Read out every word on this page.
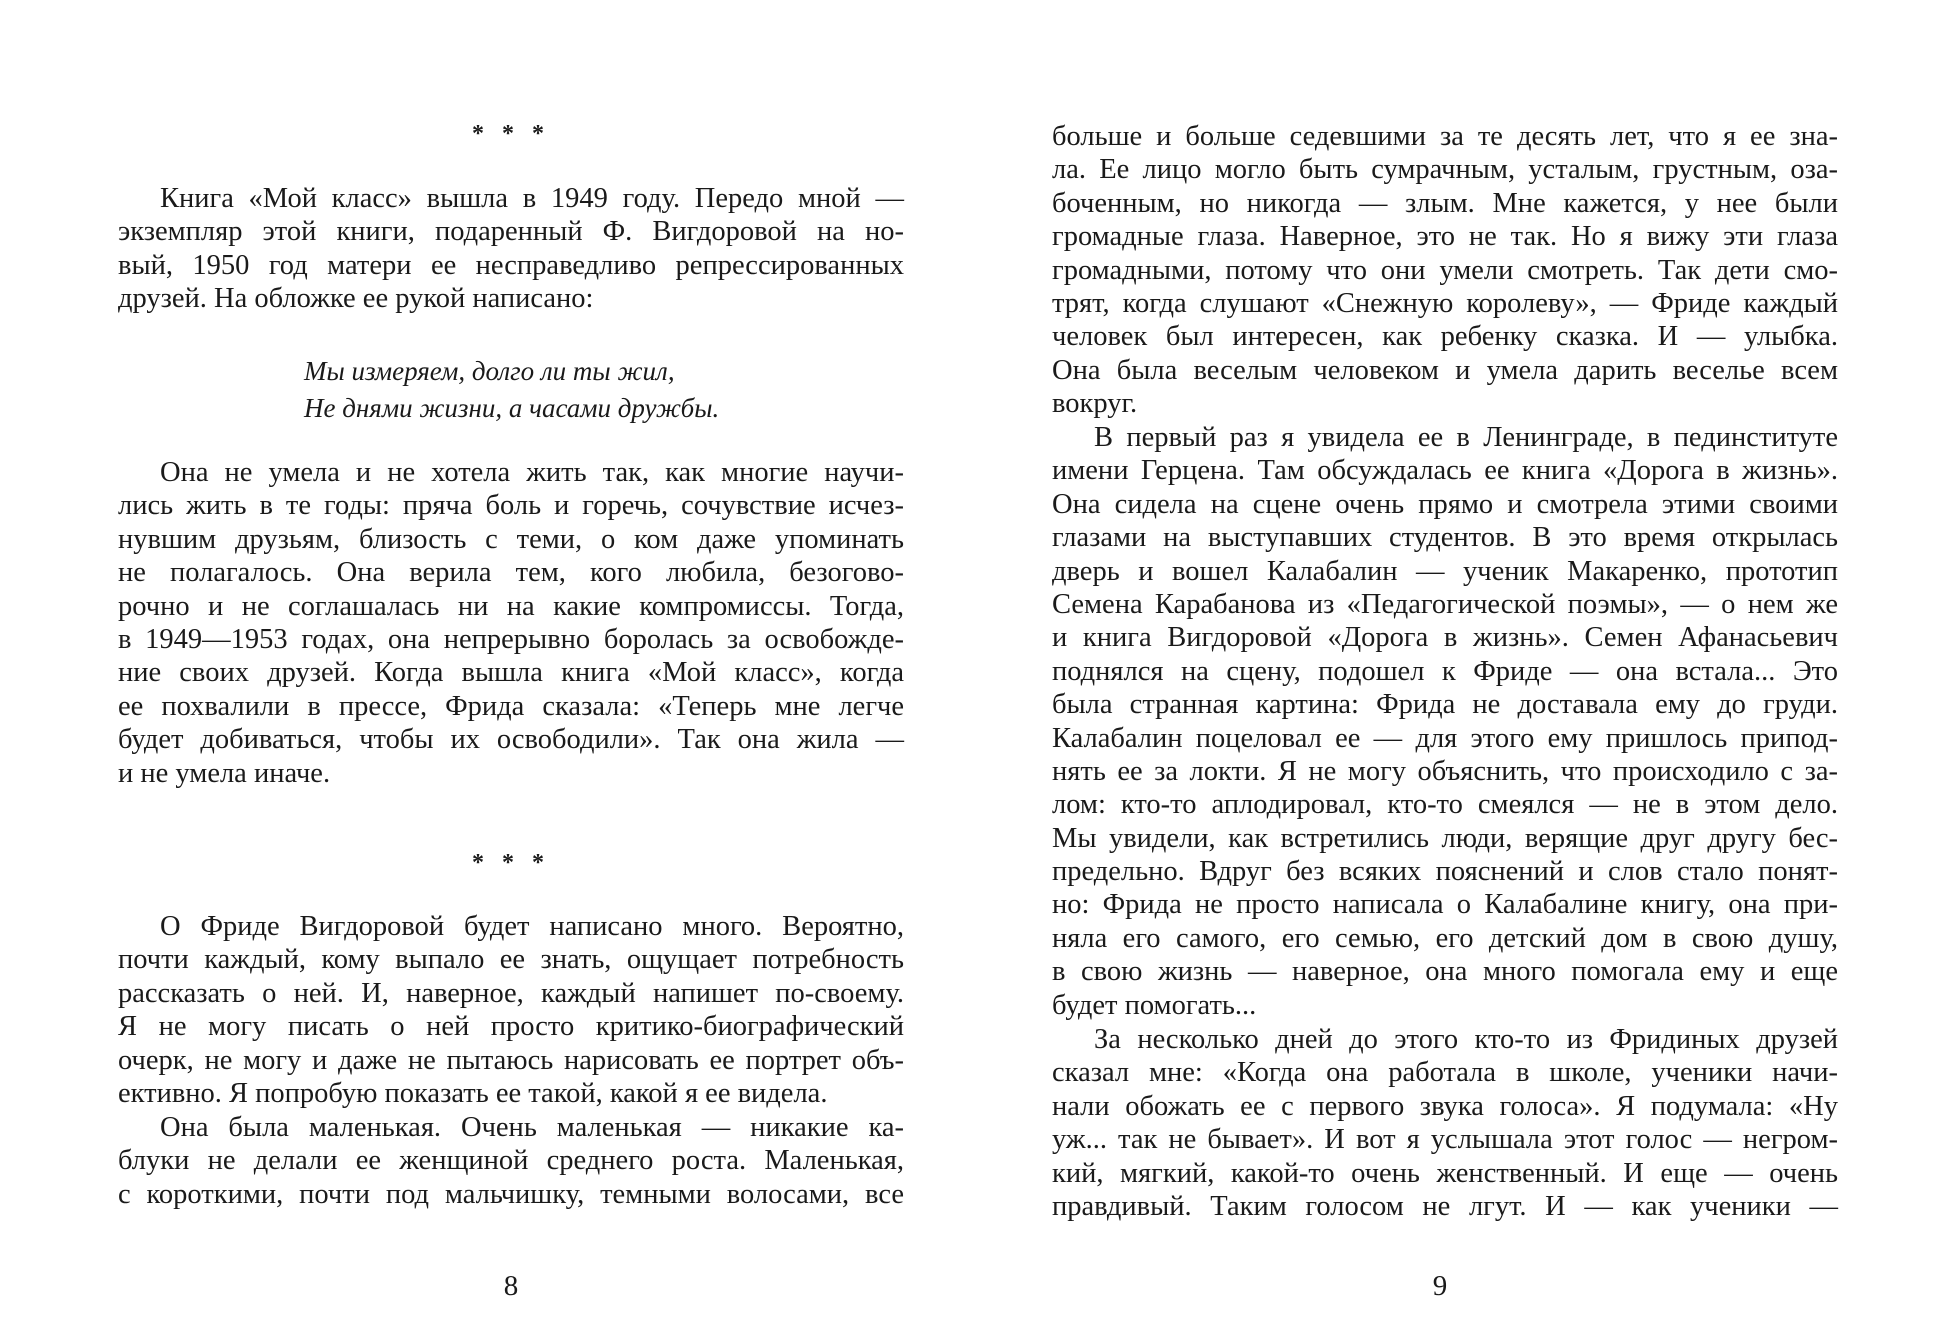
* * *
Книга «Мой класс» вышла в 1949 году. Передо мной —
экземпляр этой книги, подаренный Ф. Вигдоровой на но-
вый, 1950 год матери ее несправедливо репрессированных
друзей. На обложке ее рукой написано:
Мы измеряем, долго ли ты жил,
Не днями жизни, а часами дружбы.
Она не умела и не хотела жить так, как многие научи-
лись жить в те годы: пряча боль и горечь, сочувствие исчез-
нувшим друзьям, близость с теми, о ком даже упоминать
не полагалось. Она верила тем, кого любила, безогово-
рочно и не соглашалась ни на какие компромиссы. Тогда,
в 1949—1953 годах, она непрерывно боролась за освобожде-
ние своих друзей. Когда вышла книга «Мой класс», когда
ее похвалили в прессе, Фрида сказала: «Теперь мне легче
будет добиваться, чтобы их освободили». Так она жила —
и не умела иначе.
* * *
О Фриде Вигдоровой будет написано много. Вероятно,
почти каждый, кому выпало ее знать, ощущает потребность
рассказать о ней. И, наверное, каждый напишет по-своему.
Я не могу писать о ней просто критико-биографический
очерк, не могу и даже не пытаюсь нарисовать ее портрет объ-
ективно. Я попробую показать ее такой, какой я ее видела.
Она была маленькая. Очень маленькая — никакие ка-
блуки не делали ее женщиной среднего роста. Маленькая,
с короткими, почти под мальчишку, темными волосами, все
8
больше и больше седевшими за те десять лет, что я ее зна-
ла. Ее лицо могло быть сумрачным, усталым, грустным, оза-
боченным, но никогда — злым. Мне кажется, у нее были
громадные глаза. Наверное, это не так. Но я вижу эти глаза
громадными, потому что они умели смотреть. Так дети смо-
трят, когда слушают «Снежную королеву», — Фриде каждый
человек был интересен, как ребенку сказка. И — улыбка.
Она была веселым человеком и умела дарить веселье всем
вокруг.
В первый раз я увидела ее в Ленинграде, в пединституте
имени Герцена. Там обсуждалась ее книга «Дорога в жизнь».
Она сидела на сцене очень прямо и смотрела этими своими
глазами на выступавших студентов. В это время открылась
дверь и вошел Калабалин — ученик Макаренко, прототип
Семена Карабанова из «Педагогической поэмы», — о нем же
и книга Вигдоровой «Дорога в жизнь». Семен Афанасьевич
поднялся на сцену, подошел к Фриде — она встала... Это
была странная картина: Фрида не доставала ему до груди.
Калабалин поцеловал ее — для этого ему пришлось припод-
нять ее за локти. Я не могу объяснить, что происходило с за-
лом: кто-то аплодировал, кто-то смеялся — не в этом дело.
Мы увидели, как встретились люди, верящие друг другу бес-
предельно. Вдруг без всяких пояснений и слов стало понят-
но: Фрида не просто написала о Калабалине книгу, она при-
няла его самого, его семью, его детский дом в свою душу,
в свою жизнь — наверное, она много помогала ему и еще
будет помогать...
За несколько дней до этого кто-то из Фридиных друзей
сказал мне: «Когда она работала в школе, ученики начи-
нали обожать ее с первого звука голоса». Я подумала: «Ну
уж... так не бывает». И вот я услышала этот голос — негром-
кий, мягкий, какой-то очень женственный. И еще — очень
правдивый. Таким голосом не лгут. И — как ученики —
9
